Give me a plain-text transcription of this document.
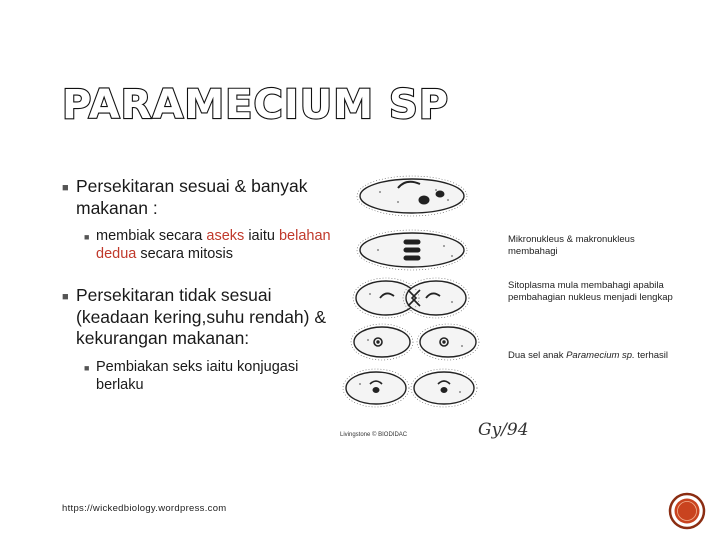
PARAMECIUM SP
■ Persekitaran sesuai & banyak makanan :
■ membiak secara aseks iaitu belahan dedua secara mitosis
■ Persekitaran tidak sesuai (keadaan kering,suhu rendah) & kekurangan makanan:
■ Pembiakan seks iaitu konjugasi berlaku
Mikronukleus & makronukleus
membahagi
Sitoplasma mula membahagi apabila
pembahagian nukleus menjadi lengkap
Dua sel anak Paramecium sp. terhasil
Livingstone © BIODIDAC	Gy/94
https://wickedbiology.wordpress.com
